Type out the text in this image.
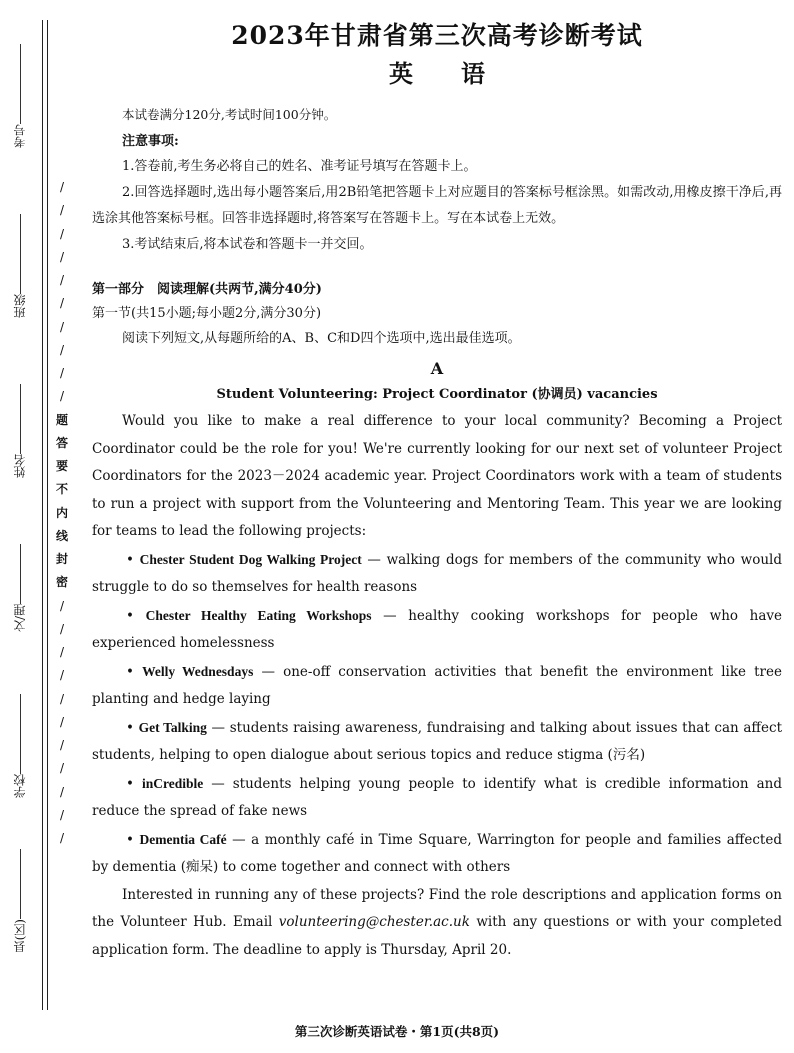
考号
班级
姓名
文/理
学校
县(区)
/
/
/
/
/
/
/
/
/
/
题
答
要
不
内
线
封
密
/
/
/
/
/
/
/
/
/
/
/
2023年甘肃省第三次高考诊断考试
英语

本试卷满分120分,考试时间100分钟。

注意事项:

1.答卷前,考生务必将自己的姓名、准考证号填写在答题卡上。

2.回答选择题时,选出每小题答案后,用2B铅笔把答题卡上对应题目的答案标号框涂黑。如需改动,用橡皮擦干净后,再选涂其他答案标号框。回答非选择题时,将答案写在答题卡上。写在本试卷上无效。

3.考试结束后,将本试卷和答题卡一并交回。

第一部分　阅读理解(共两节,满分40分)

第一节(共15小题;每小题2分,满分30分)

阅读下列短文,从每题所给的A、B、C和D四个选项中,选出最佳选项。

A

Student Volunteering: Project Coordinator (协调员) vacancies

Would you like to make a real difference to your local community? Becoming a Project Coordinator could be the role for you! We're currently looking for our next set of volunteer Project Coordinators for the 2023－2024 academic year. Project Coordinators work with a team of students to run a project with support from the Volunteering and Mentoring Team. This year we are looking for teams to lead the following projects:

• Chester Student Dog Walking Project — walking dogs for members of the community who would struggle to do so themselves for health reasons

• Chester Healthy Eating Workshops — healthy cooking workshops for people who have experienced homelessness

• Welly Wednesdays — one-off conservation activities that benefit the environment like tree planting and hedge laying

• Get Talking — students raising awareness, fundraising and talking about issues that can affect students, helping to open dialogue about serious topics and reduce stigma (污名)

• inCredible — students helping young people to identify what is credible information and reduce the spread of fake news

• Dementia Café — a monthly café in Time Square, Warrington for people and families affected by dementia (痴呆) to come together and connect with others

Interested in running any of these projects? Find the role descriptions and application forms on the Volunteer Hub. Email volunteering@chester.ac.uk with any questions or with your completed application form. The deadline to apply is Thursday, April 20.

第三次诊断英语试卷・第1页(共8页)
